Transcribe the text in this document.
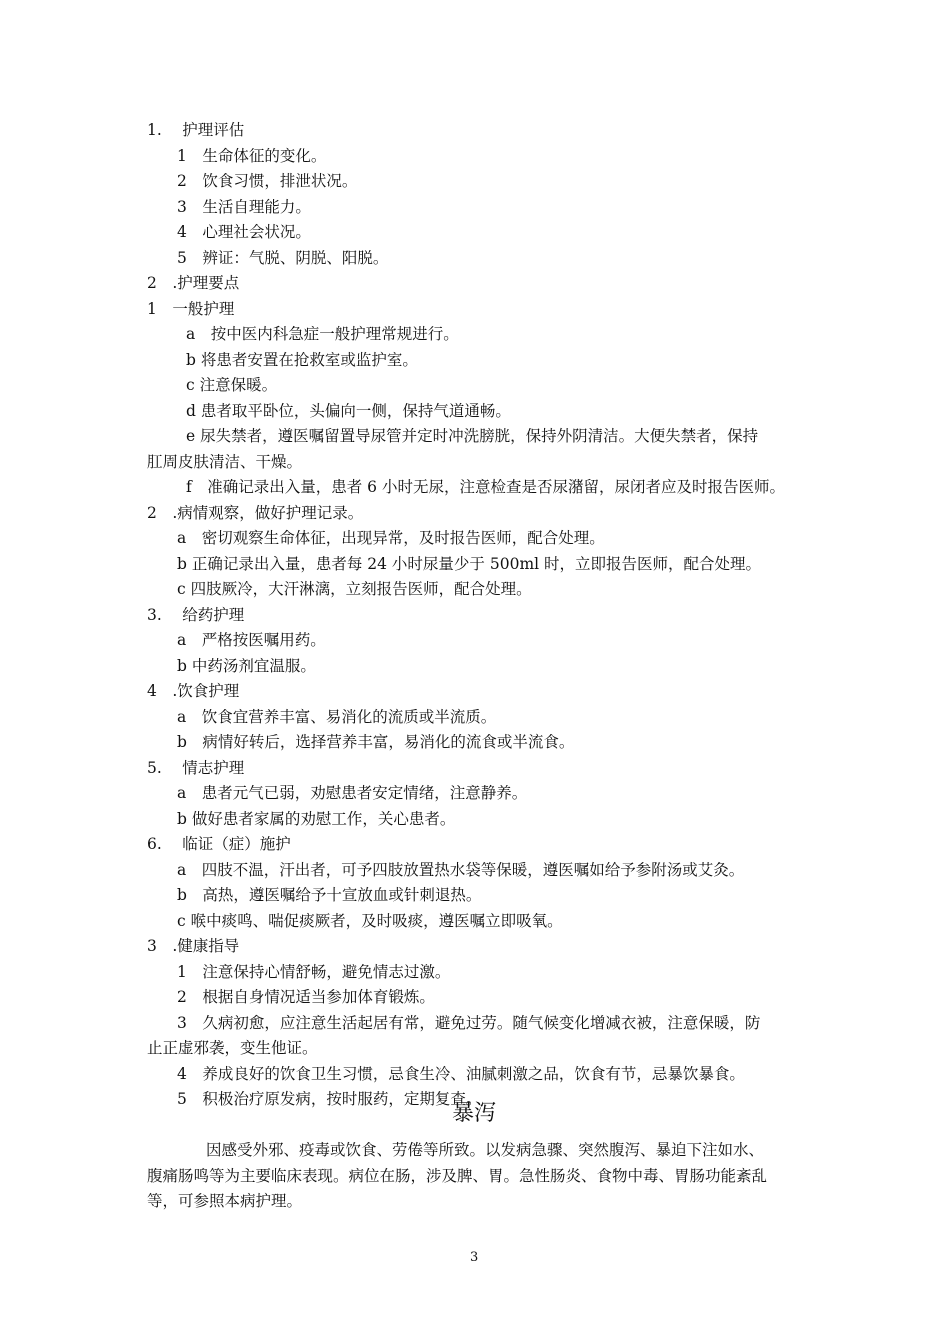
1.　 护理评估
1　生命体征的变化。
2　饮食习惯，排泄状况。
3　生活自理能力。
4　心理社会状况。
5　辨证：气脱、阴脱、阳脱。
2　.护理要点
1　一般护理
a　按中医内科急症一般护理常规进行。
b 将患者安置在抢救室或监护室。
c 注意保暖。
d 患者取平卧位，头偏向一侧，保持气道通畅。
e 尿失禁者，遵医嘱留置导尿管并定时冲洗膀胱，保持外阴清洁。大便失禁者，保持
肛周皮肤清洁、干燥。
f　准确记录出入量，患者 6 小时无尿，注意检查是否尿潴留，尿闭者应及时报告医师。
2　.病情观察，做好护理记录。
a　密切观察生命体征，出现异常，及时报告医师，配合处理。
b 正确记录出入量，患者每 24 小时尿量少于 500ml 时，立即报告医师，配合处理。
c 四肢厥冷，大汗淋漓，立刻报告医师，配合处理。
3.　 给药护理
a　严格按医嘱用药。
b 中药汤剂宜温服。
4　.饮食护理
a　饮食宜营养丰富、易消化的流质或半流质。
b　病情好转后，选择营养丰富，易消化的流食或半流食。
5.　 情志护理
a　患者元气已弱，劝慰患者安定情绪，注意静养。
b 做好患者家属的劝慰工作，关心患者。
6.　 临证（症）施护
a　四肢不温，汗出者，可予四肢放置热水袋等保暖，遵医嘱如给予参附汤或艾灸。
b　高热，遵医嘱给予十宣放血或针刺退热。
c 喉中痰鸣、喘促痰厥者，及时吸痰，遵医嘱立即吸氧。
3　.健康指导
1　注意保持心情舒畅，避免情志过激。
2　根据自身情况适当参加体育锻炼。
3　久病初愈，应注意生活起居有常，避免过劳。随气候变化增减衣被，注意保暖，防
止正虚邪袭，变生他证。
4　养成良好的饮食卫生习惯，忌食生冷、油腻刺激之品，饮食有节，忌暴饮暴食。
5　积极治疗原发病，按时服药，定期复查。
暴泻
因感受外邪、疫毒或饮食、劳倦等所致。以发病急骤、突然腹泻、暴迫下注如水、
腹痛肠鸣等为主要临床表现。病位在肠，涉及脾、胃。急性肠炎、食物中毒、胃肠功能紊乱
等，可参照本病护理。
3
